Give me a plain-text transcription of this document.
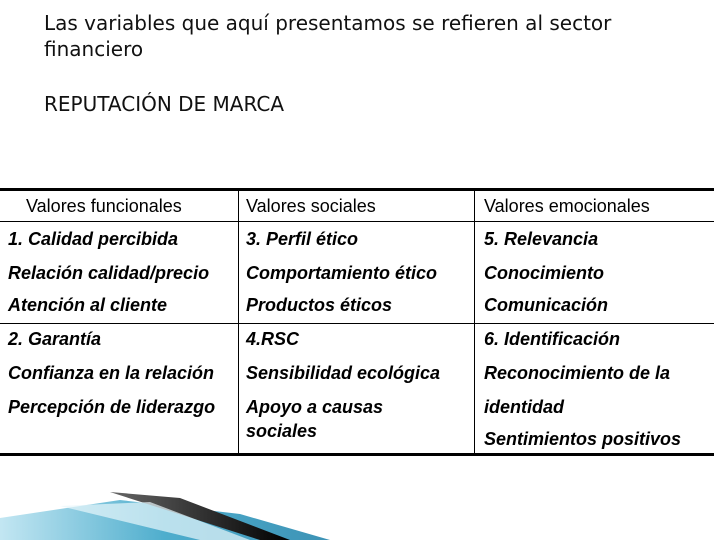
Las variables que aquí presentamos se refieren al sector financiero
REPUTACIÓN DE MARCA
Valores funcionales	Valores sociales	Valores emocionales
1. Calidad percibida
Relación calidad/precio
Atención al cliente
2. Garantía
Confianza en la relación
Percepción de liderazgo
3. Perfil ético
Comportamiento ético
Productos éticos
4.RSC
Sensibilidad ecológica
Apoyo a causas
sociales
5. Relevancia
Conocimiento
Comunicación
6. Identificación
Reconocimiento de la
identidad
Sentimientos positivos
